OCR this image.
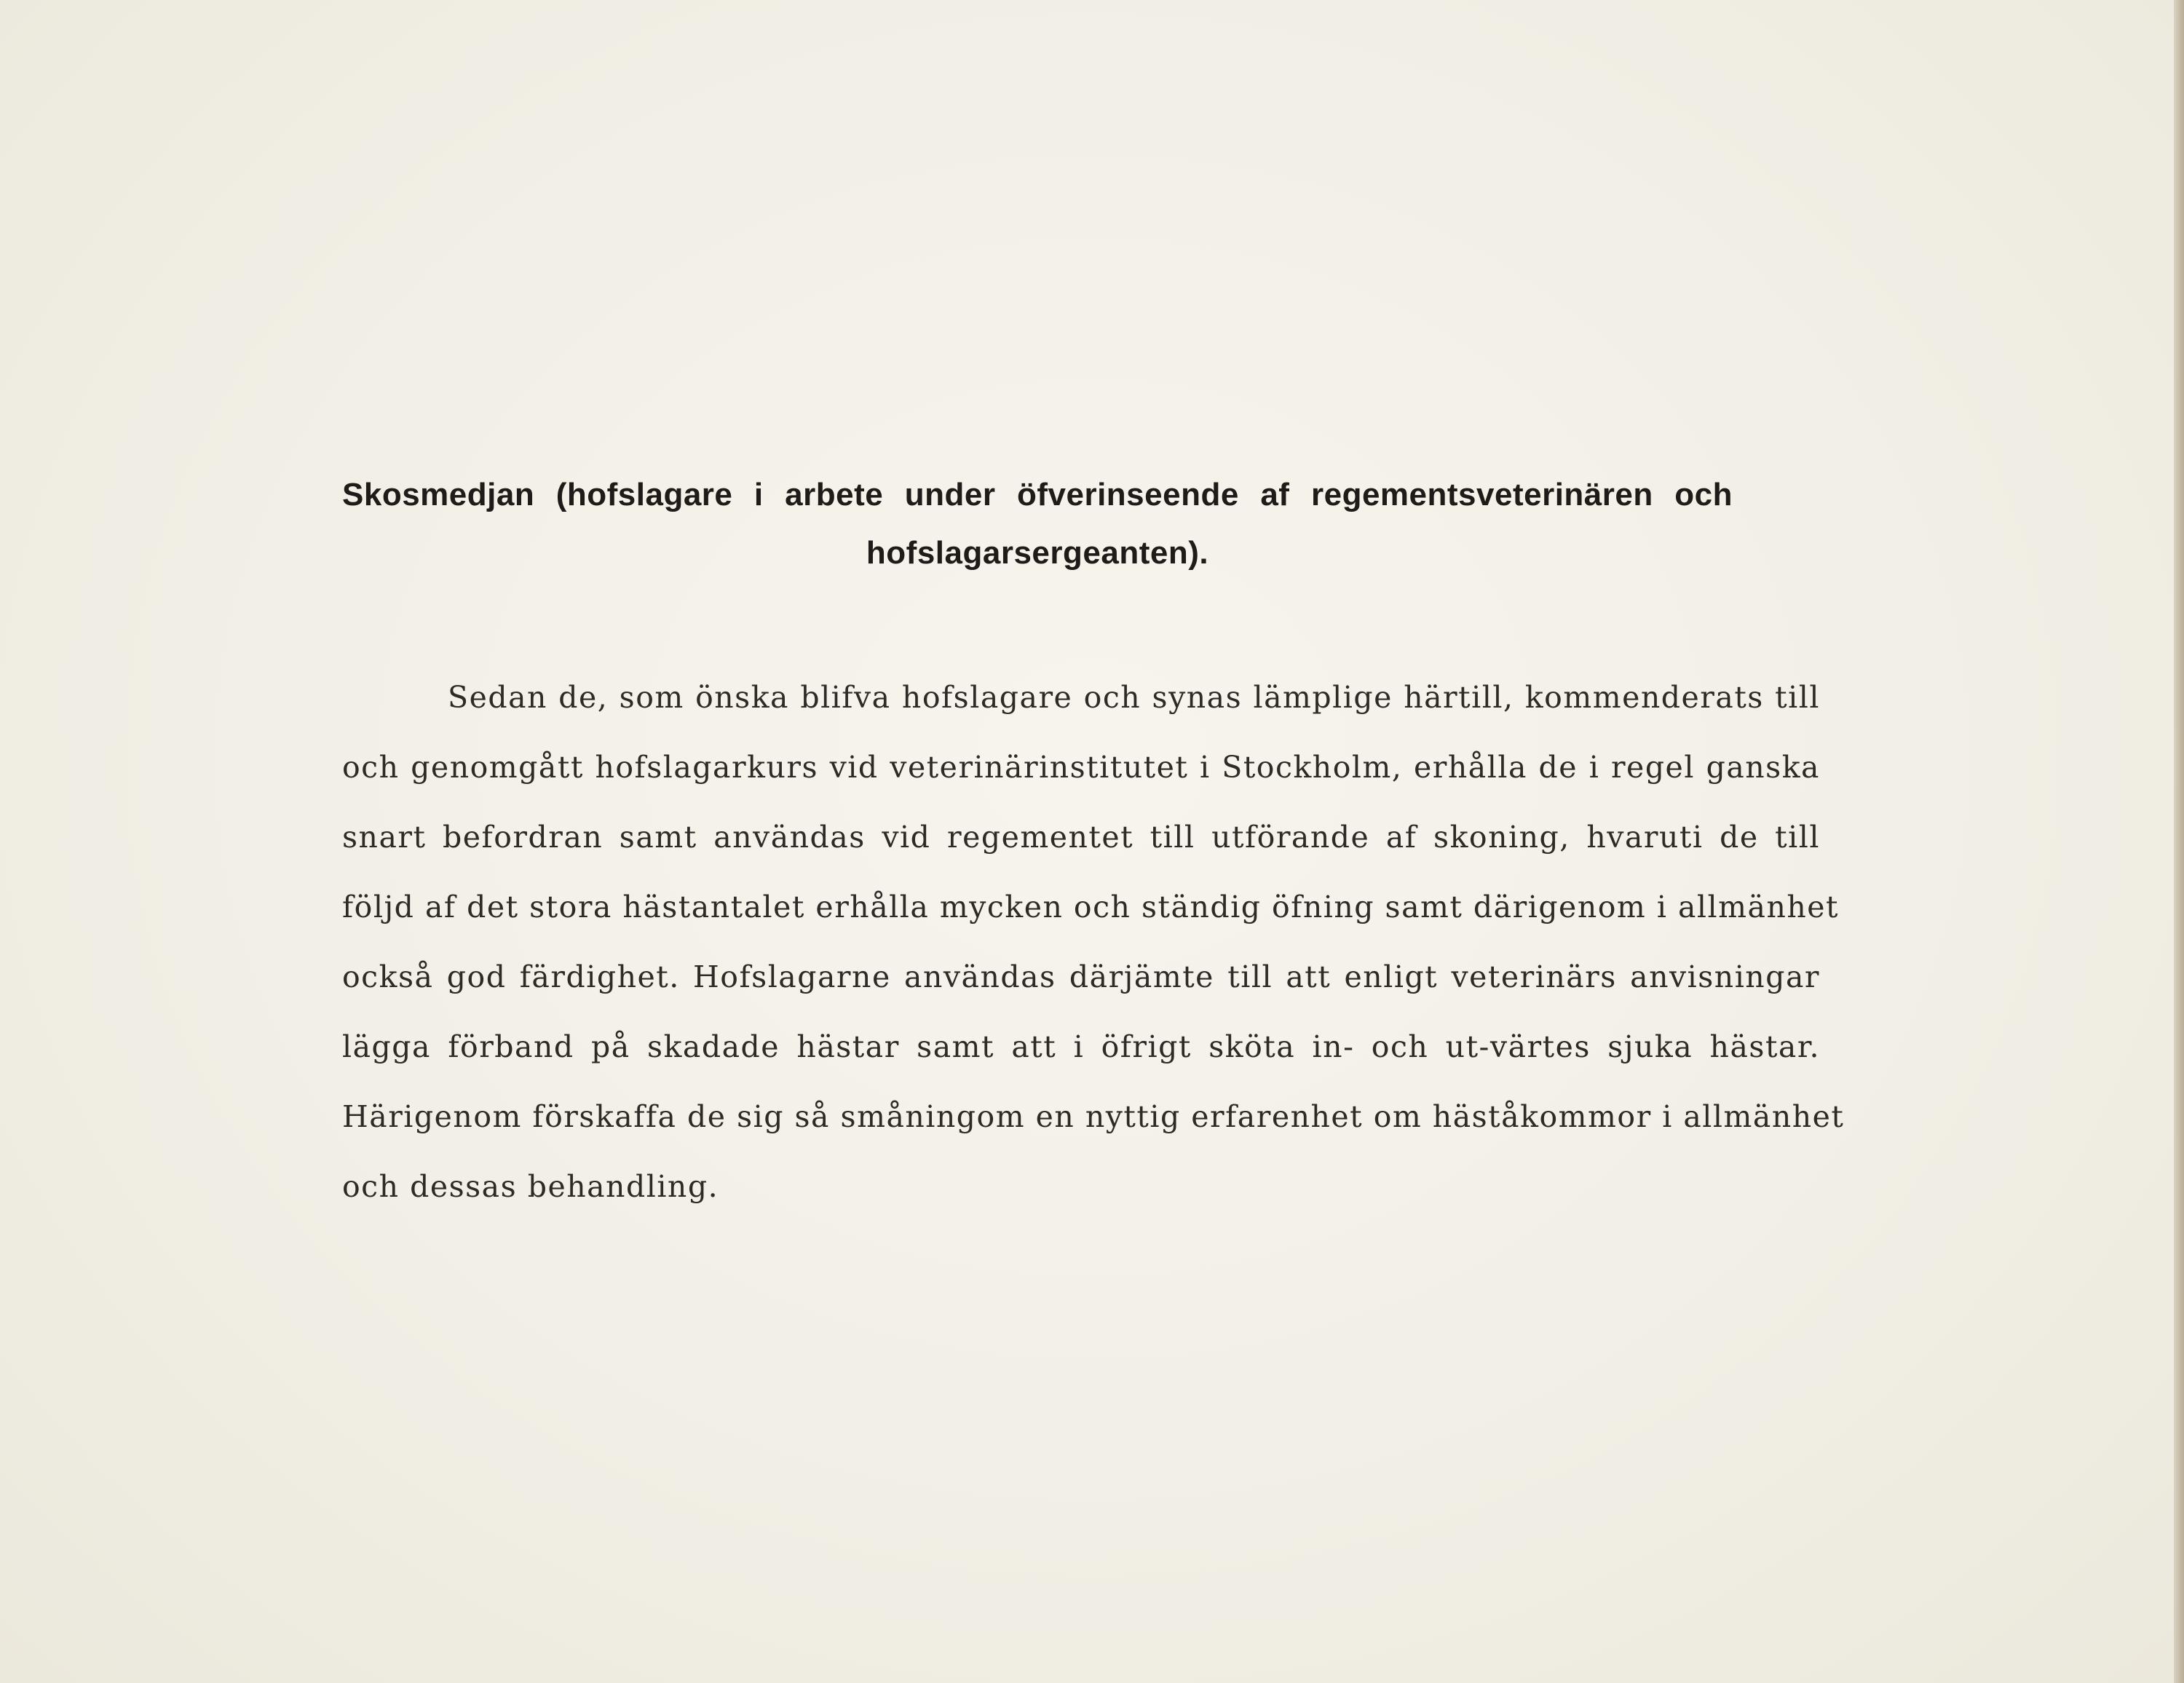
Skosmedjan (hofslagare i arbete under öfverinseende af regementsveterinären och
hofslagarsergeanten).
Sedan de, som önska blifva hofslagare och synas lämplige härtill, kommenderats till
och genomgått hofslagarkurs vid veterinärinstitutet i Stockholm, erhålla de i regel ganska
snart befordran samt användas vid regementet till utförande af skoning, hvaruti de till
följd af det stora hästantalet erhålla mycken och ständig öfning samt därigenom i allmänhet
också god färdighet. Hofslagarne användas därjämte till att enligt veterinärs anvisningar
lägga förband på skadade hästar samt att i öfrigt sköta in- och ut-värtes sjuka hästar.
Härigenom förskaffa de sig så småningom en nyttig erfarenhet om häståkommor i allmänhet
och dessas behandling.
